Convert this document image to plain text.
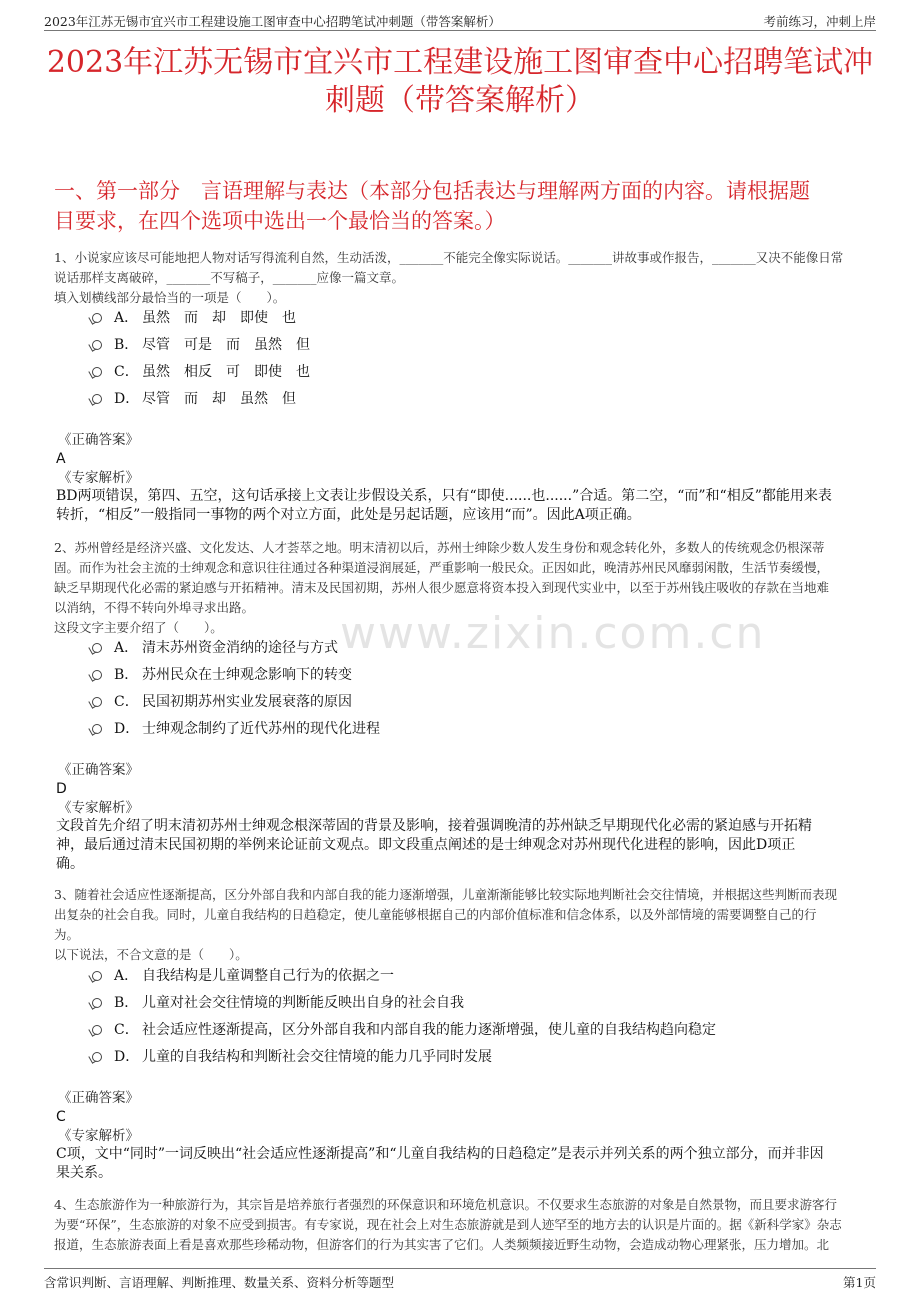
2023年江苏无锡市宜兴市工程建设施工图审查中心招聘笔试冲刺题（带答案解析）	考前练习，冲刺上岸
2023年江苏无锡市宜兴市工程建设施工图审查中心招聘笔试冲
刺题（带答案解析）
一、第一部分　言语理解与表达（本部分包括表达与理解两方面的内容。请根据题
目要求，在四个选项中选出一个最恰当的答案。）
www.zixin.com.cn
1、小说家应该尽可能地把人物对话写得流利自然，生动活泼，_______不能完全像实际说话。_______讲故事或作报告，_______又决不能像日常
说话那样支离破碎，_______不写稿子，_______应像一篇文章。
填入划横线部分最恰当的一项是（　　）。
A． 虽然　而　却　即使　也
B． 尽管　可是　而　虽然　但
C． 虽然　相反　可　即使　也
D． 尽管　而　却　虽然　但
《正确答案》
A
《专家解析》
BD两项错误，第四、五空，这句话承接上文表让步假设关系，只有“即使......也......”合适。第二空，“而”和“相反”都能用来表
转折，“相反”一般指同一事物的两个对立方面，此处是另起话题，应该用“而”。因此A项正确。
2、苏州曾经是经济兴盛、文化发达、人才荟萃之地。明末清初以后，苏州士绅除少数人发生身份和观念转化外，多数人的传统观念仍根深蒂
固。而作为社会主流的士绅观念和意识往往通过各种渠道浸润展延，严重影响一般民众。正因如此，晚清苏州民风靡弱闲散，生活节奏缓慢，
缺乏早期现代化必需的紧迫感与开拓精神。清末及民国初期，苏州人很少愿意将资本投入到现代实业中，以至于苏州钱庄吸收的存款在当地难
以消纳，不得不转向外埠寻求出路。
这段文字主要介绍了（　　）。
A． 清末苏州资金消纳的途径与方式
B． 苏州民众在士绅观念影响下的转变
C． 民国初期苏州实业发展衰落的原因
D． 士绅观念制约了近代苏州的现代化进程
《正确答案》
D
《专家解析》
文段首先介绍了明末清初苏州士绅观念根深蒂固的背景及影响，接着强调晚清的苏州缺乏早期现代化必需的紧迫感与开拓精
神，最后通过清末民国初期的举例来论证前文观点。即文段重点阐述的是士绅观念对苏州现代化进程的影响，因此D项正
确。
3、随着社会适应性逐渐提高，区分外部自我和内部自我的能力逐渐增强，儿童渐渐能够比较实际地判断社会交往情境，并根据这些判断而表现
出复杂的社会自我。同时，儿童自我结构的日趋稳定，使儿童能够根据自己的内部价值标准和信念体系，以及外部情境的需要调整自己的行
为。
以下说法，不合文意的是（　　）。
A． 自我结构是儿童调整自己行为的依据之一
B． 儿童对社会交往情境的判断能反映出自身的社会自我
C． 社会适应性逐渐提高，区分外部自我和内部自我的能力逐渐增强，使儿童的自我结构趋向稳定
D． 儿童的自我结构和判断社会交往情境的能力几乎同时发展
《正确答案》
C
《专家解析》
C项，文中“同时”一词反映出“社会适应性逐渐提高”和“儿童自我结构的日趋稳定”是表示并列关系的两个独立部分，而并非因
果关系。
4、生态旅游作为一种旅游行为，其宗旨是培养旅行者强烈的环保意识和环境危机意识。不仅要求生态旅游的对象是自然景物，而且要求游客行
为要“环保”，生态旅游的对象不应受到损害。有专家说，现在社会上对生态旅游就是到人迹罕至的地方去的认识是片面的。据《新科学家》杂志
报道，生态旅游表面上看是喜欢那些珍稀动物，但游客们的行为其实害了它们。人类频频接近野生动物，会造成动物心理紧张，压力增加。北
含常识判断、言语理解、判断推理、数量关系、资料分析等题型	第1页
